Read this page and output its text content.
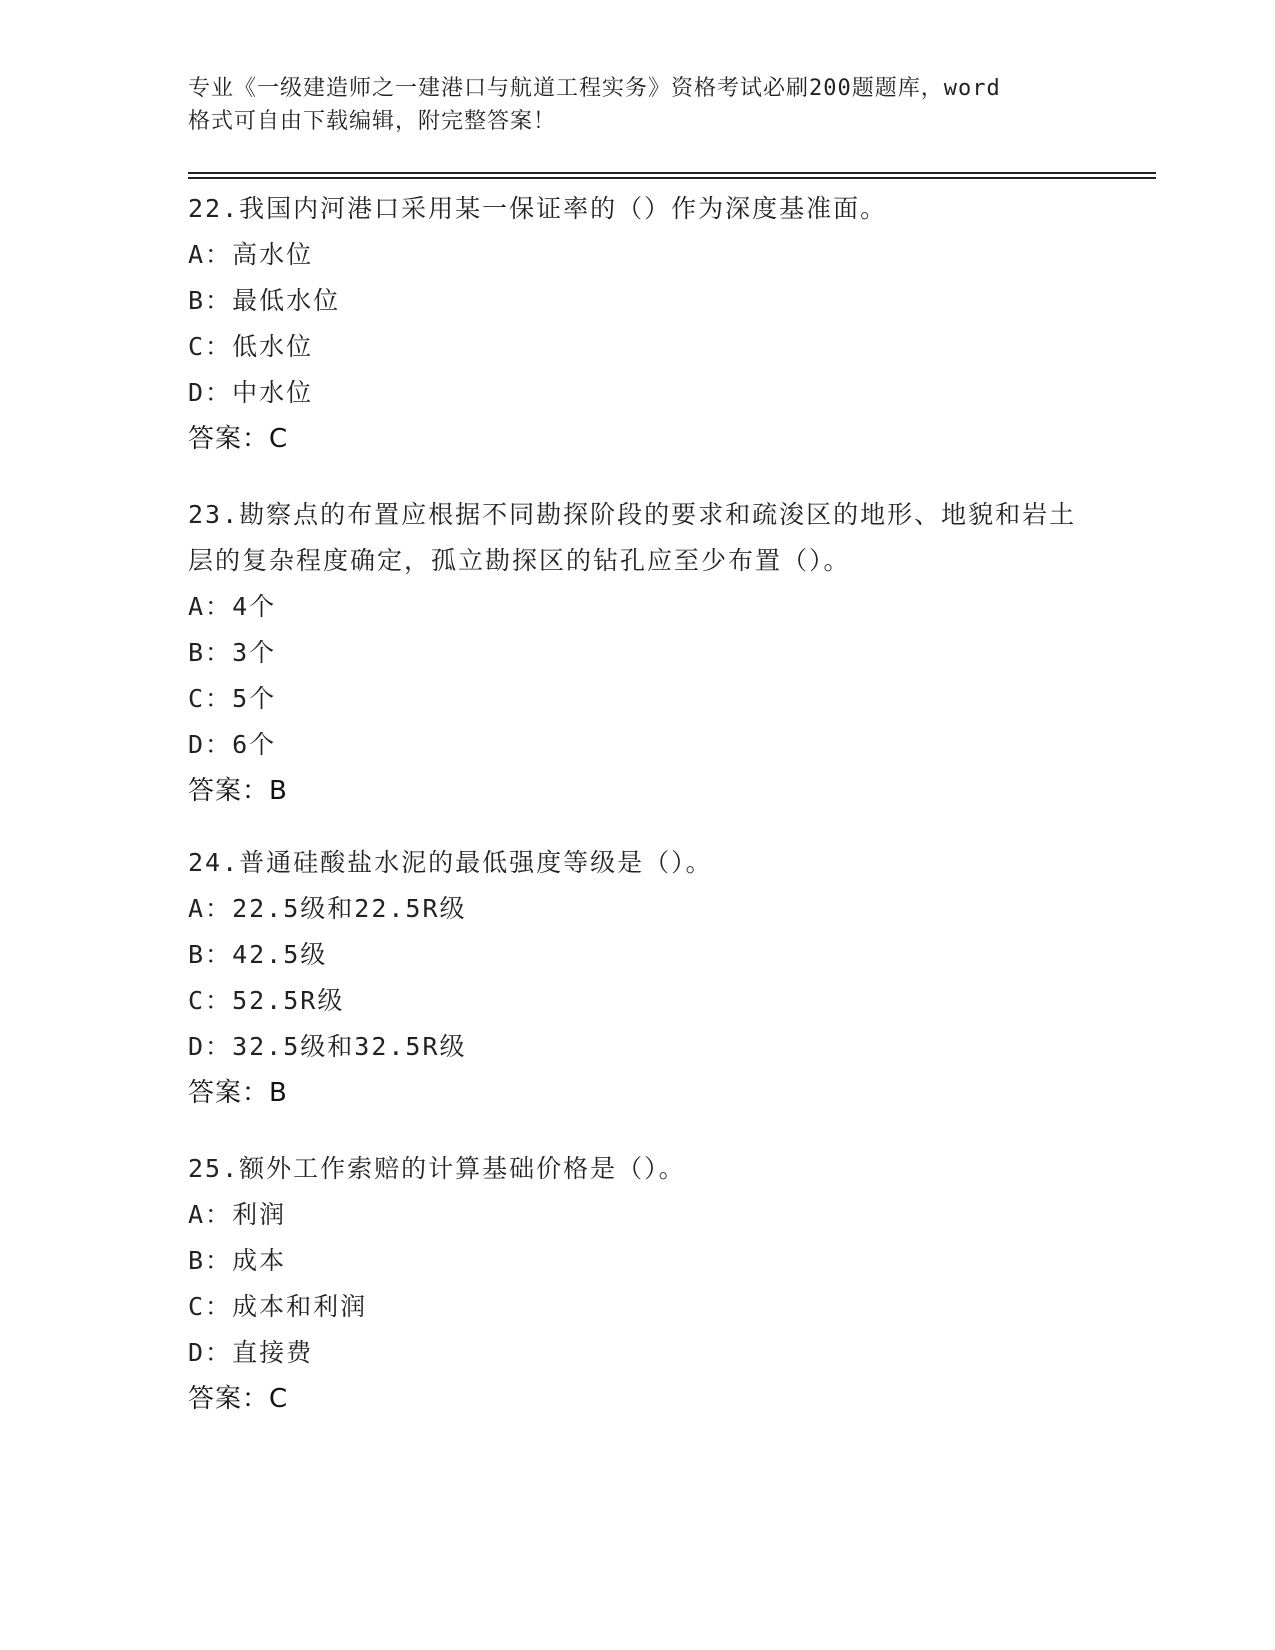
专业《一级建造师之一建港口与航道工程实务》资格考试必刷200题题库，word
格式可自由下载编辑，附完整答案！
22.我国内河港口采用某一保证率的（）作为深度基准面。
A：高水位
B：最低水位
C：低水位
D：中水位
答案：C
23.勘察点的布置应根据不同勘探阶段的要求和疏浚区的地形、地貌和岩土层的复杂程度确定，孤立勘探区的钻孔应至少布置（）。
A：4个
B：3个
C：5个
D：6个
答案：B
24.普通硅酸盐水泥的最低强度等级是（）。
A：22.5级和22.5R级
B：42.5级
C：52.5R级
D：32.5级和32.5R级
答案：B
25.额外工作索赔的计算基础价格是（）。
A：利润
B：成本
C：成本和利润
D：直接费
答案：C
